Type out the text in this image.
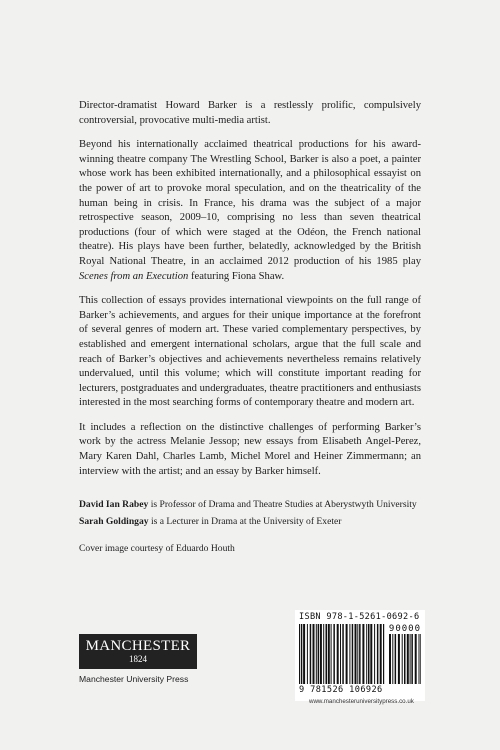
Director-dramatist Howard Barker is a restlessly prolific, compulsively controversial, provocative multi-media artist.

Beyond his internationally acclaimed theatrical productions for his award-winning theatre company The Wrestling School, Barker is also a poet, a painter whose work has been exhibited internationally, and a philosophical essayist on the power of art to provoke moral speculation, and on the theatricality of the human being in crisis. In France, his drama was the subject of a major retrospective season, 2009–10, comprising no less than seven theatrical productions (four of which were staged at the Odéon, the French national theatre). His plays have been further, belatedly, acknowledged by the British Royal National Theatre, in an acclaimed 2012 production of his 1985 play Scenes from an Execution featuring Fiona Shaw.

This collection of essays provides international viewpoints on the full range of Barker’s achievements, and argues for their unique importance at the forefront of several genres of modern art. These varied complementary perspectives, by established and emergent international scholars, argue that the full scale and reach of Barker’s objectives and achievements nevertheless remains relatively undervalued, until this volume; which will constitute important reading for lecturers, postgraduates and undergraduates, theatre practitioners and enthusiasts interested in the most searching forms of contemporary theatre and modern art.

It includes a reflection on the distinctive challenges of performing Barker’s work by the actress Melanie Jessop; new essays from Elisabeth Angel-Perez, Mary Karen Dahl, Charles Lamb, Michel Morel and Heiner Zimmermann; an interview with the artist; and an essay by Barker himself.

David Ian Rabey is Professor of Drama and Theatre Studies at Aberystwyth University

Sarah Goldingay is a Lecturer in Drama at the University of Exeter

Cover image courtesy of Eduardo Houth
MANCHESTER
1824
Manchester University Press
ISBN 978-1-5261-0692-6
90000
9 781526 106926
www.manchesteruniversitypress.co.uk
